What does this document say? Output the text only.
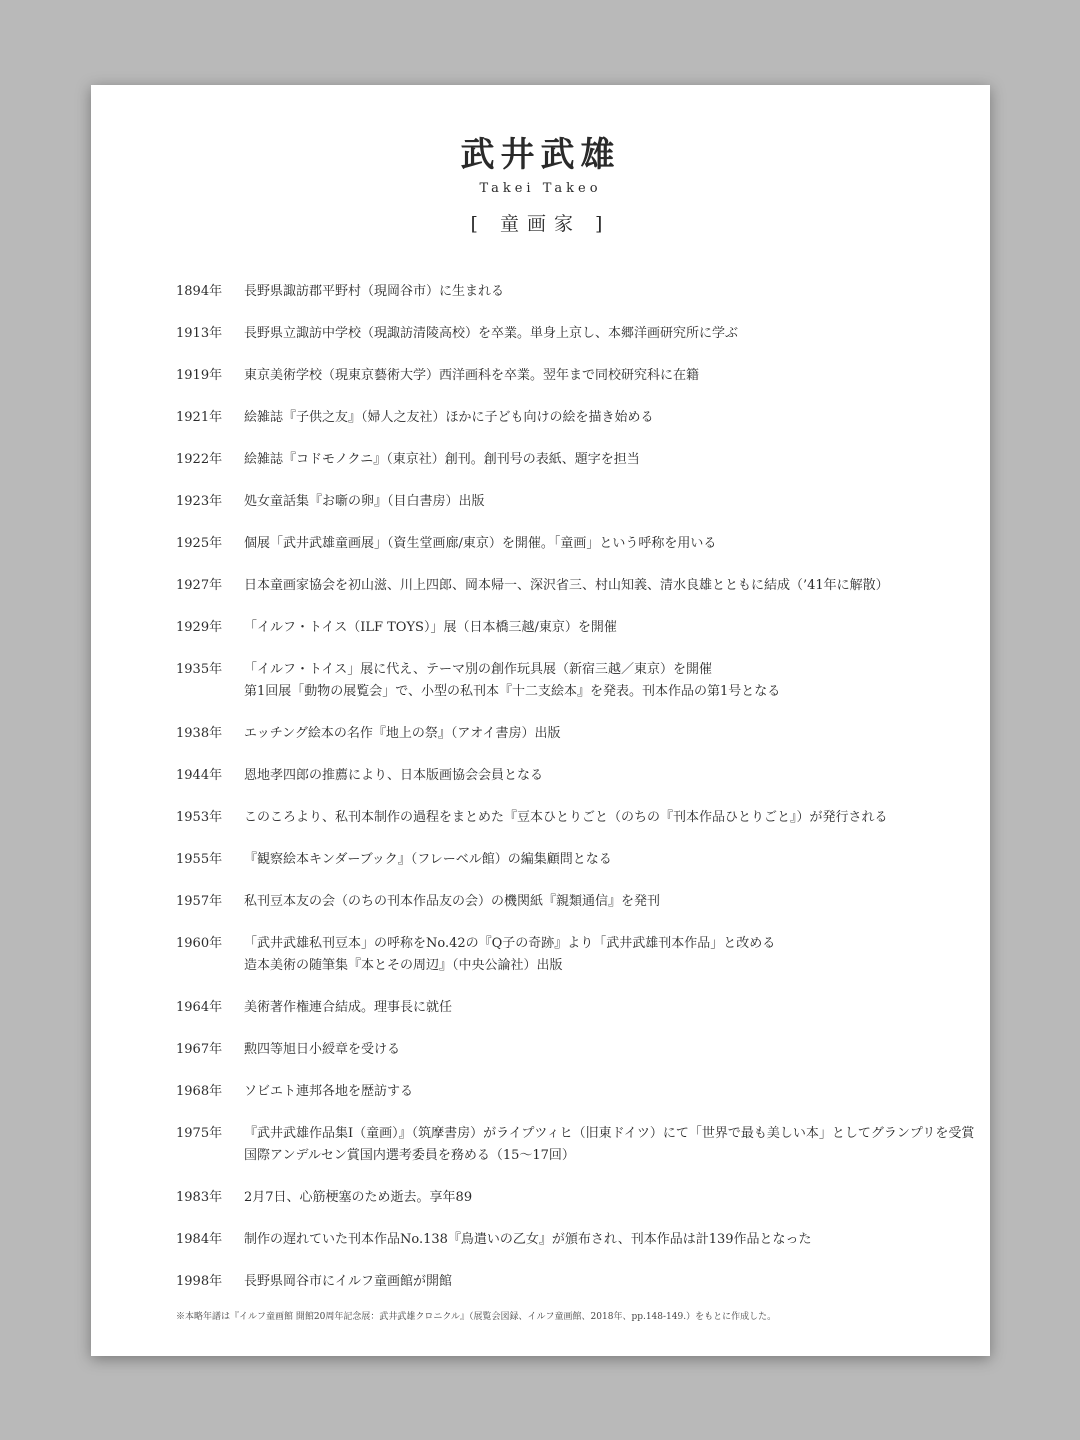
武井武雄
Takei Takeo
[ 童画家 ]
1894年	長野県諏訪郡平野村（現岡谷市）に生まれる
1913年	長野県立諏訪中学校（現諏訪清陵高校）を卒業。単身上京し、本郷洋画研究所に学ぶ
1919年	東京美術学校（現東京藝術大学）西洋画科を卒業。翌年まで同校研究科に在籍
1921年	絵雑誌『子供之友』（婦人之友社）ほかに子ども向けの絵を描き始める
1922年	絵雑誌『コドモノクニ』（東京社）創刊。創刊号の表紙、題字を担当
1923年	処女童話集『お噺の卵』（目白書房）出版
1925年	個展「武井武雄童画展」（資生堂画廊/東京）を開催。「童画」という呼称を用いる
1927年	日本童画家協会を初山滋、川上四郎、岡本帰一、深沢省三、村山知義、清水良雄とともに結成（’41年に解散）
1929年	「イルフ・トイス（ILF TOYS）」展（日本橋三越/東京）を開催
1935年	「イルフ・トイス」展に代え、テーマ別の創作玩具展（新宿三越／東京）を開催
第1回展「動物の展覧会」で、小型の私刊本『十二支絵本』を発表。刊本作品の第1号となる
1938年	エッチング絵本の名作『地上の祭』（アオイ書房）出版
1944年	恩地孝四郎の推薦により、日本版画協会会員となる
1953年	このころより、私刊本制作の過程をまとめた『豆本ひとりごと（のちの『刊本作品ひとりごと』）が発行される
1955年	『観察絵本キンダーブック』（フレーベル館）の編集顧問となる
1957年	私刊豆本友の会（のちの刊本作品友の会）の機関紙『親類通信』を発刊
1960年	「武井武雄私刊豆本」の呼称をNo.42の『Q子の奇跡』より「武井武雄刊本作品」と改める
造本美術の随筆集『本とその周辺』（中央公論社）出版
1964年	美術著作権連合結成。理事長に就任
1967年	勲四等旭日小綬章を受ける
1968年	ソビエト連邦各地を歴訪する
1975年	『武井武雄作品集Ⅰ（童画）』（筑摩書房）がライプツィヒ（旧東ドイツ）にて「世界で最も美しい本」としてグランプリを受賞
国際アンデルセン賞国内選考委員を務める（15～17回）
1983年	2月7日、心筋梗塞のため逝去。享年89
1984年	制作の遅れていた刊本作品No.138『鳥遣いの乙女』が頒布され、刊本作品は計139作品となった
1998年	長野県岡谷市にイルフ童画館が開館
※本略年譜は『イルフ童画館 開館20周年記念展：武井武雄クロニクル』（展覧会図録、イルフ童画館、2018年、pp.148-149.）をもとに作成した。
